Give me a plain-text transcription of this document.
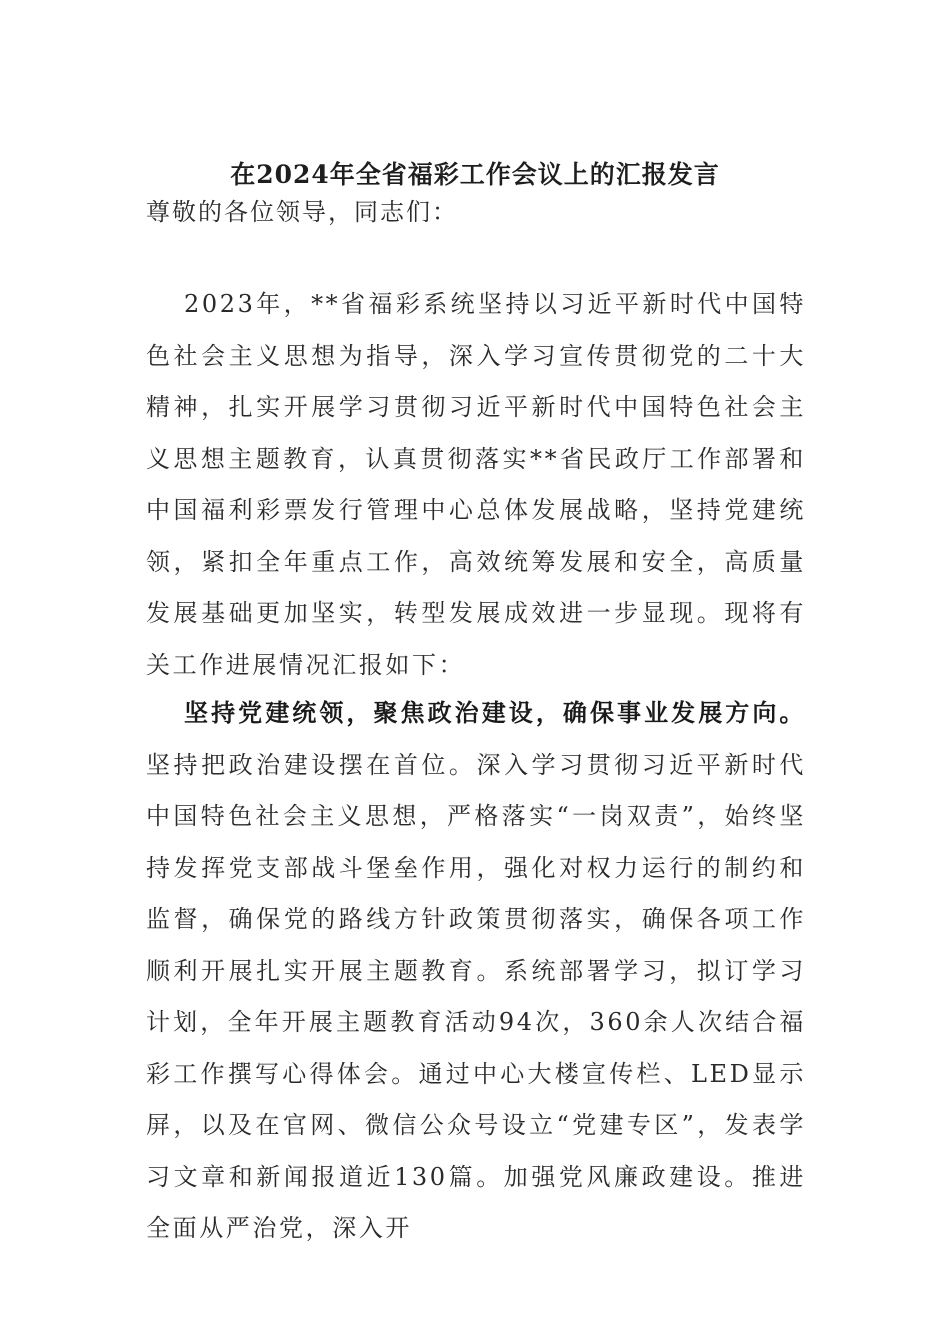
在2024年全省福彩工作会议上的汇报发言
尊敬的各位领导，同志们：

2023年，**省福彩系统坚持以习近平新时代中国特色社会主义思想为指导，深入学习宣传贯彻党的二十大精神，扎实开展学习贯彻习近平新时代中国特色社会主义思想主题教育，认真贯彻落实**省民政厅工作部署和中国福利彩票发行管理中心总体发展战略，坚持党建统领，紧扣全年重点工作，高效统筹发展和安全，高质量发展基础更加坚实，转型发展成效进一步显现。现将有关工作进展情况汇报如下：

坚持党建统领，聚焦政治建设，确保事业发展方向。坚持把政治建设摆在首位。深入学习贯彻习近平新时代中国特色社会主义思想，严格落实“一岗双责”，始终坚持发挥党支部战斗堡垒作用，强化对权力运行的制约和监督，确保党的路线方针政策贯彻落实，确保各项工作顺利开展扎实开展主题教育。系统部署学习，拟订学习计划，全年开展主题教育活动94次，360余人次结合福彩工作撰写心得体会。通过中心大楼宣传栏、LED显示屏，以及在官网、微信公众号设立“党建专区”，发表学习文章和新闻报道近130篇。加强党风廉政建设。推进全面从严治党，深入开
